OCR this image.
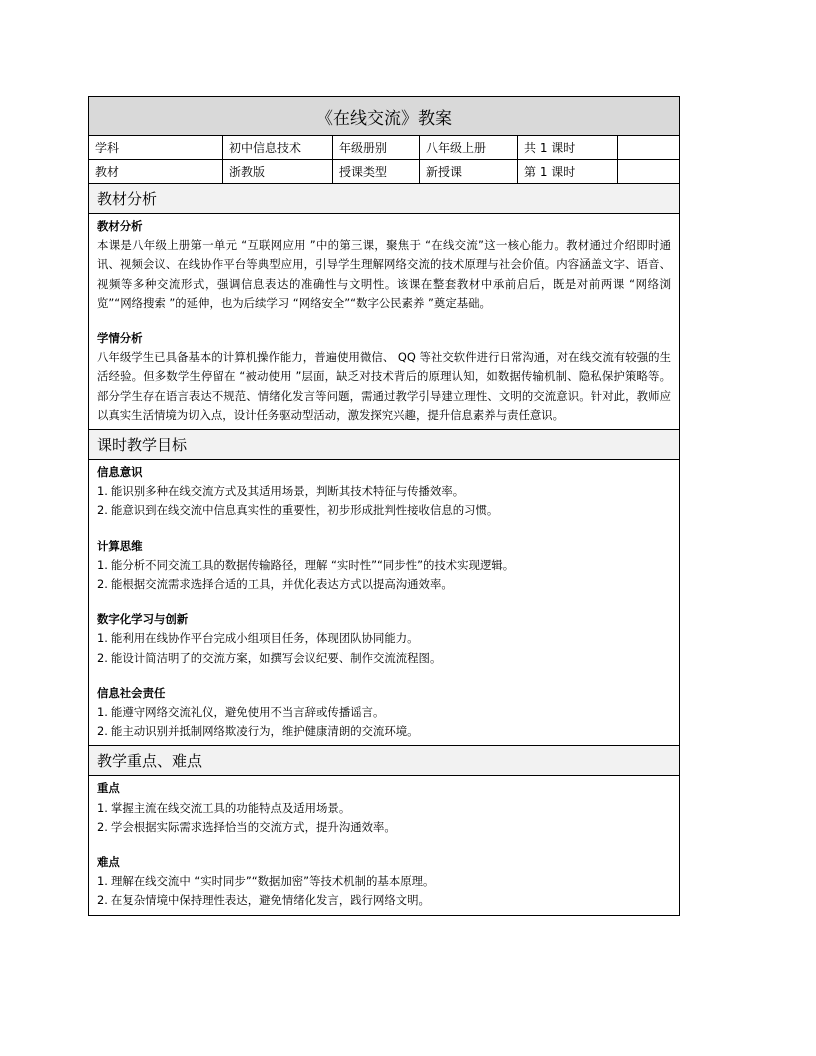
《在线交流》教案
学科	初中信息技术	年级册别	八年级上册	共 1 课时
教材	浙教版	授课类型	新授课	第 1 课时
教材分析
教材分析
本课是八年级上册第一单元 “互联网应用 ”中的第三课，聚焦于 “在线交流”这一核心能力。教材通过介绍即时通讯、视频会议、在线协作平台等典型应用，引导学生理解网络交流的技术原理与社会价值。内容涵盖文字、语音、视频等多种交流形式，强调信息表达的准确性与文明性。该课在整套教材中承前启后，既是对前两课 “网络浏览”“网络搜索 ”的延伸，也为后续学习 “网络安全”“数字公民素养 ”奠定基础。
学情分析
八年级学生已具备基本的计算机操作能力，普遍使用微信、 QQ 等社交软件进行日常沟通，对在线交流有较强的生活经验。但多数学生停留在 “被动使用 ”层面，缺乏对技术背后的原理认知，如数据传输机制、隐私保护策略等。部分学生存在语言表达不规范、情绪化发言等问题，需通过教学引导建立理性、文明的交流意识。针对此，教师应以真实生活情境为切入点，设计任务驱动型活动，激发探究兴趣，提升信息素养与责任意识。
课时教学目标
信息意识
1. 能识别多种在线交流方式及其适用场景，判断其技术特征与传播效率。
2. 能意识到在线交流中信息真实性的重要性，初步形成批判性接收信息的习惯。
计算思维
1. 能分析不同交流工具的数据传输路径，理解 “实时性”“同步性”的技术实现逻辑。
2. 能根据交流需求选择合适的工具，并优化表达方式以提高沟通效率。
数字化学习与创新
1. 能利用在线协作平台完成小组项目任务，体现团队协同能力。
2. 能设计简洁明了的交流方案，如撰写会议纪要、制作交流流程图。
信息社会责任
1. 能遵守网络交流礼仪，避免使用不当言辞或传播谣言。
2. 能主动识别并抵制网络欺凌行为，维护健康清朗的交流环境。
教学重点、难点
重点
1. 掌握主流在线交流工具的功能特点及适用场景。
2. 学会根据实际需求选择恰当的交流方式，提升沟通效率。
难点
1. 理解在线交流中 “实时同步”“数据加密”等技术机制的基本原理。
2. 在复杂情境中保持理性表达，避免情绪化发言，践行网络文明。
